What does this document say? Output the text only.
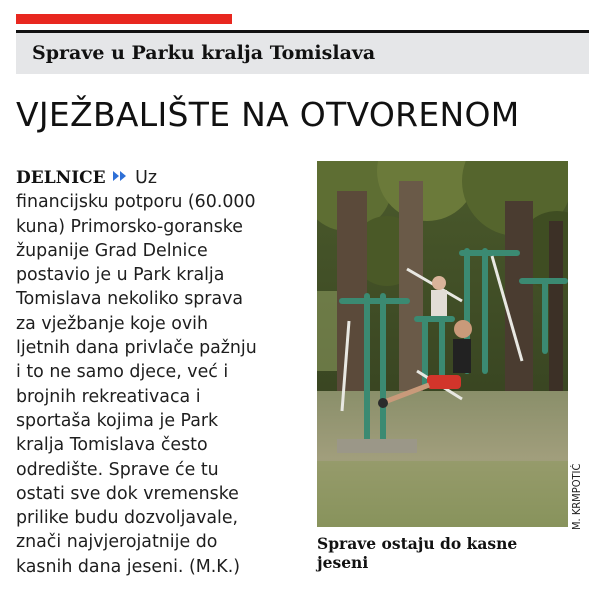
Sprave u Parku kralja Tomislava
VJEŽBALIŠTE NA OTVORENOM
DELNICE Uz
financijsku potporu (60.000
kuna) Primorsko-goranske
županije Grad Delnice
postavio je u Park kralja
Tomislava nekoliko sprava
za vježbanje koje ovih
ljetnih dana privlače pažnju
i to ne samo djece, već i
brojnih rekreativaca i
sportaša kojima je Park
kralja Tomislava često
odredište. Sprave će tu
ostati sve dok vremenske
prilike budu dozvoljavale,
znači najvjerojatnije do
kasnih dana jeseni. (M.K.)
M. KRMPOTIĆ
Sprave ostaju do kasne
jeseni
